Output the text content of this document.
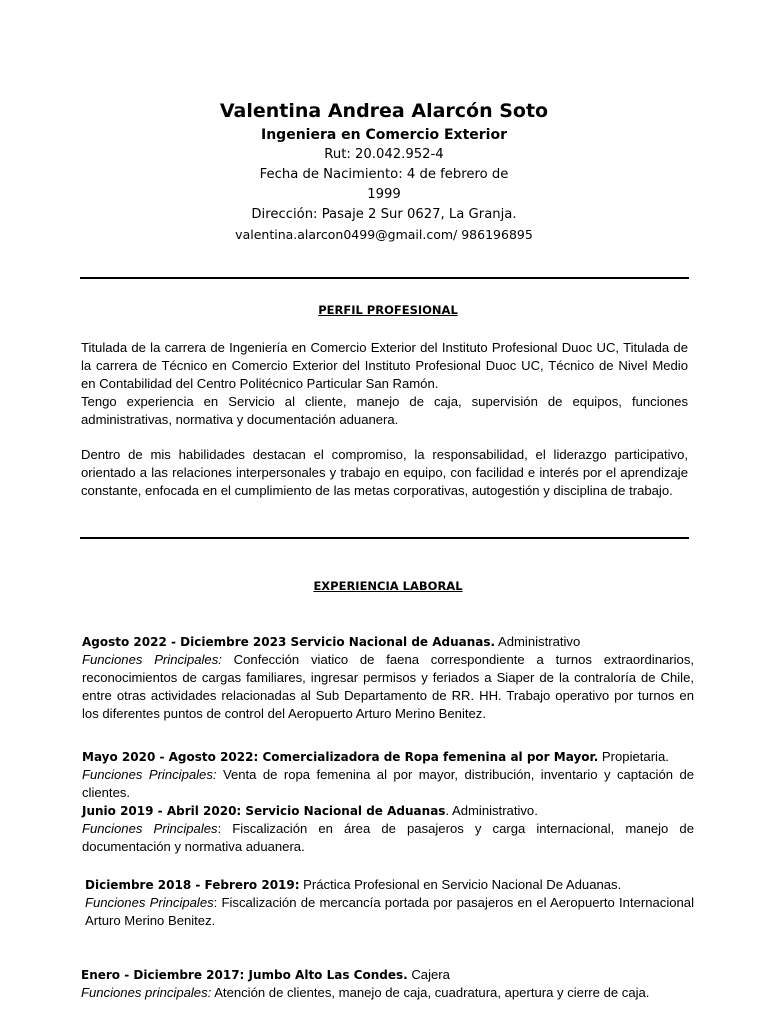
Valentina Andrea Alarcón Soto
Ingeniera en Comercio Exterior
Rut: 20.042.952-4
Fecha de Nacimiento: 4 de febrero de 1999
Dirección: Pasaje 2 Sur 0627, La Granja.
valentina.alarcon0499@gmail.com/ 986196895
PERFIL PROFESIONAL
Titulada de la carrera de Ingeniería en Comercio Exterior del Instituto Profesional Duoc UC, Titulada de la carrera de Técnico en Comercio Exterior del Instituto Profesional Duoc UC, Técnico de Nivel Medio en Contabilidad del Centro Politécnico Particular San Ramón.
Tengo experiencia en Servicio al cliente, manejo de caja, supervisión de equipos, funciones administrativas, normativa y documentación aduanera.
Dentro de mis habilidades destacan el compromiso, la responsabilidad, el liderazgo participativo, orientado a las relaciones interpersonales y trabajo en equipo, con facilidad e interés por el aprendizaje constante, enfocada en el cumplimiento de las metas corporativas, autogestión y disciplina de trabajo.
EXPERIENCIA LABORAL
Agosto 2022 - Diciembre 2023 Servicio Nacional de Aduanas. Administrativo
Funciones Principales: Confección viatico de faena correspondiente a turnos extraordinarios, reconocimientos de cargas familiares, ingresar permisos y feriados a Siaper de la contraloría de Chile, entre otras actividades relacionadas al Sub Departamento de RR. HH. Trabajo operativo por turnos en los diferentes puntos de control del Aeropuerto Arturo Merino Benitez.
Mayo 2020 - Agosto 2022: Comercializadora de Ropa femenina al por Mayor. Propietaria.
Funciones Principales: Venta de ropa femenina al por mayor, distribución, inventario y captación de clientes.
Junio 2019 - Abril 2020: Servicio Nacional de Aduanas. Administrativo.
Funciones Principales: Fiscalización en área de pasajeros y carga internacional, manejo de documentación y normativa aduanera.
Diciembre 2018 - Febrero 2019: Práctica Profesional en Servicio Nacional De Aduanas.
Funciones Principales: Fiscalización de mercancía portada por pasajeros en el Aeropuerto Internacional Arturo Merino Benitez.
Enero - Diciembre 2017: Jumbo Alto Las Condes. Cajera
Funciones principales: Atención de clientes, manejo de caja, cuadratura, apertura y cierre de caja.
